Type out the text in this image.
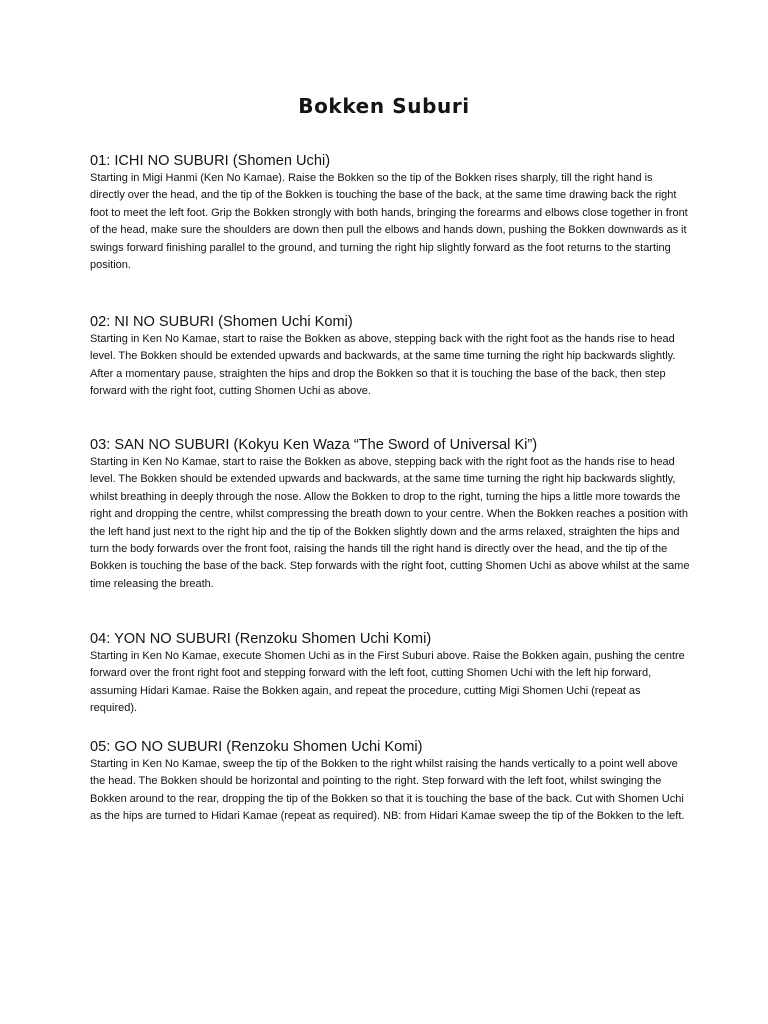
Bokken Suburi
01: ICHI NO SUBURI (Shomen Uchi)

Starting in Migi Hanmi (Ken No Kamae). Raise the Bokken so the tip of the Bokken rises sharply, till the right hand is directly over the head, and the tip of the Bokken is touching the base of the back, at the same time drawing back the right foot to meet the left foot. Grip the Bokken strongly with both hands, bringing the forearms and elbows close together in front of the head, make sure the shoulders are down then pull the elbows and hands down, pushing the Bokken downwards as it swings forward finishing parallel to the ground, and turning the right hip slightly forward as the foot returns to the starting position.

02: NI NO SUBURI (Shomen Uchi Komi)

Starting in Ken No Kamae, start to raise the Bokken as above, stepping back with the right foot as the hands rise to head level. The Bokken should be extended upwards and backwards, at the same time turning the right hip backwards slightly. After a momentary pause, straighten the hips and drop the Bokken so that it is touching the base of the back, then step forward with the right foot, cutting Shomen Uchi as above.

03: SAN NO SUBURI (Kokyu Ken Waza “The Sword of Universal Ki”)

Starting in Ken No Kamae, start to raise the Bokken as above, stepping back with the right foot as the hands rise to head level. The Bokken should be extended upwards and backwards, at the same time turning the right hip backwards slightly, whilst breathing in deeply through the nose. Allow the Bokken to drop to the right, turning the hips a little more towards the right and dropping the centre, whilst compressing the breath down to your centre. When the Bokken reaches a position with the left hand just next to the right hip and the tip of the Bokken slightly down and the arms relaxed, straighten the hips and turn the body forwards over the front foot, raising the hands till the right hand is directly over the head, and the tip of the Bokken is touching the base of the back. Step forwards with the right foot, cutting Shomen Uchi as above whilst at the same time releasing the breath.

04: YON NO SUBURI (Renzoku Shomen Uchi Komi)

Starting in Ken No Kamae, execute Shomen Uchi as in the First Suburi above. Raise the Bokken again, pushing the centre forward over the front right foot and stepping forward with the left foot, cutting Shomen Uchi with the left hip forward, assuming Hidari Kamae. Raise the Bokken again, and repeat the procedure, cutting Migi Shomen Uchi (repeat as required).

05: GO NO SUBURI (Renzoku Shomen Uchi Komi)

Starting in Ken No Kamae, sweep the tip of the Bokken to the right whilst raising the hands vertically to a point well above the head. The Bokken should be horizontal and pointing to the right. Step forward with the left foot, whilst swinging the Bokken around to the rear, dropping the tip of the Bokken so that it is touching the base of the back. Cut with Shomen Uchi as the hips are turned to Hidari Kamae (repeat as required). NB: from Hidari Kamae sweep the tip of the Bokken to the left.
